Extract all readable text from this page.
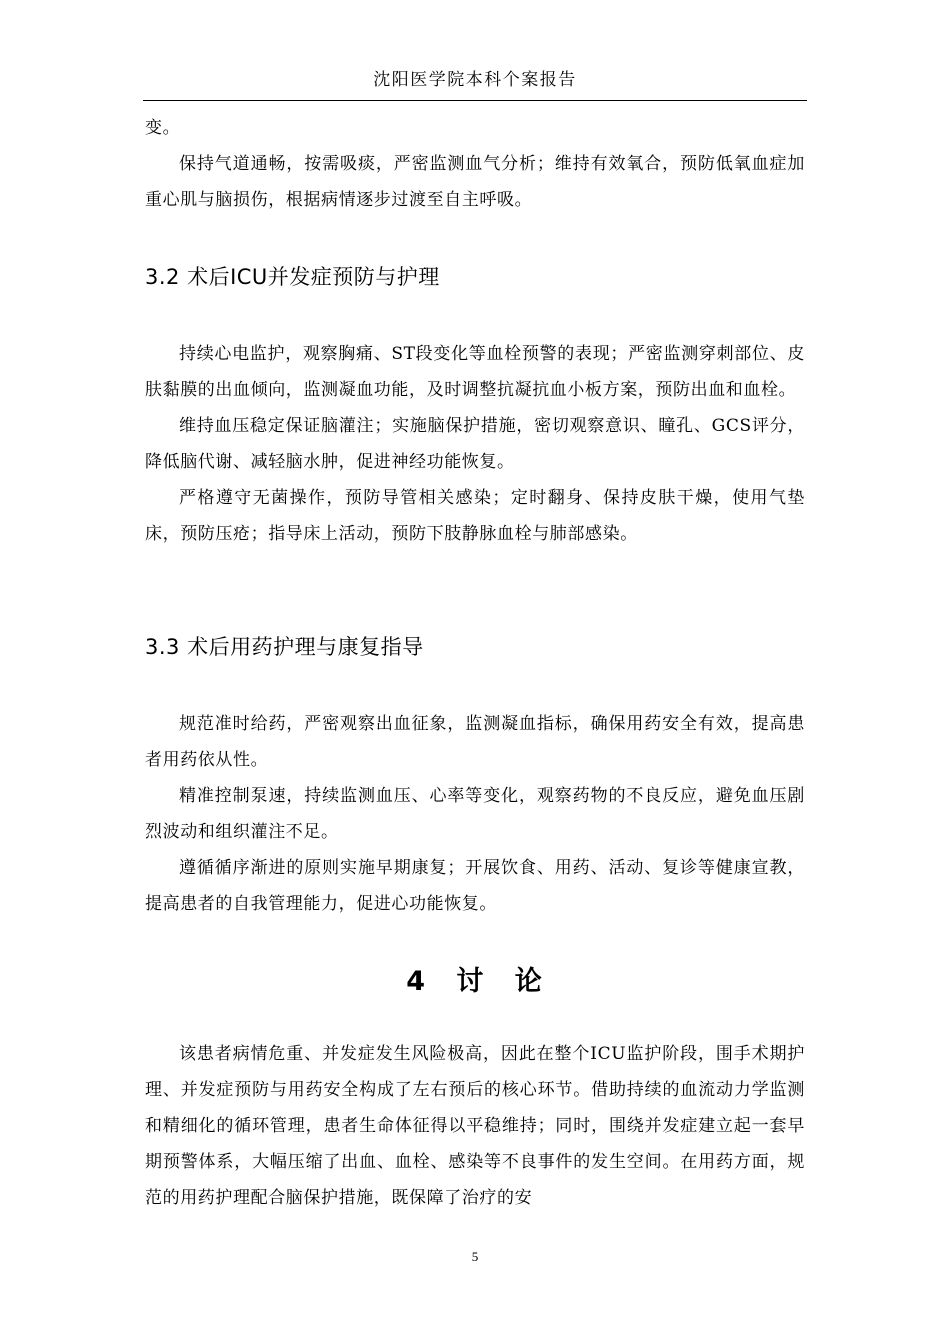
沈阳医学院本科个案报告

变。

保持气道通畅，按需吸痰，严密监测血气分析；维持有效氧合，预防低氧血症加重心肌与脑损伤，根据病情逐步过渡至自主呼吸。

3.2 术后ICU并发症预防与护理

持续心电监护，观察胸痛、ST段变化等血栓预警的表现；严密监测穿刺部位、皮肤黏膜的出血倾向，监测凝血功能，及时调整抗凝抗血小板方案，预防出血和血栓。

维持血压稳定保证脑灌注；实施脑保护措施，密切观察意识、瞳孔、GCS评分，降低脑代谢、减轻脑水肿，促进神经功能恢复。

严格遵守无菌操作，预防导管相关感染；定时翻身、保持皮肤干燥，使用气垫床，预防压疮；指导床上活动，预防下肢静脉血栓与肺部感染。

3.3 术后用药护理与康复指导

规范准时给药，严密观察出血征象，监测凝血指标，确保用药安全有效，提高患者用药依从性。

精准控制泵速，持续监测血压、心率等变化，观察药物的不良反应，避免血压剧烈波动和组织灌注不足。

遵循循序渐进的原则实施早期康复；开展饮食、用药、活动、复诊等健康宣教，提高患者的自我管理能力，促进心功能恢复。

该患者病情危重、并发症发生风险极高，因此在整个ICU监护阶段，围手术期护理、并发症预防与用药安全构成了左右预后的核心环节。借助持续的血流动力学监测和精细化的循环管理，患者生命体征得以平稳维持；同时，围绕并发症建立起一套早期预警体系，大幅压缩了出血、血栓、感染等不良事件的发生空间。在用药方面，规范的用药护理配合脑保护措施，既保障了治疗的安

4 讨 论
5
